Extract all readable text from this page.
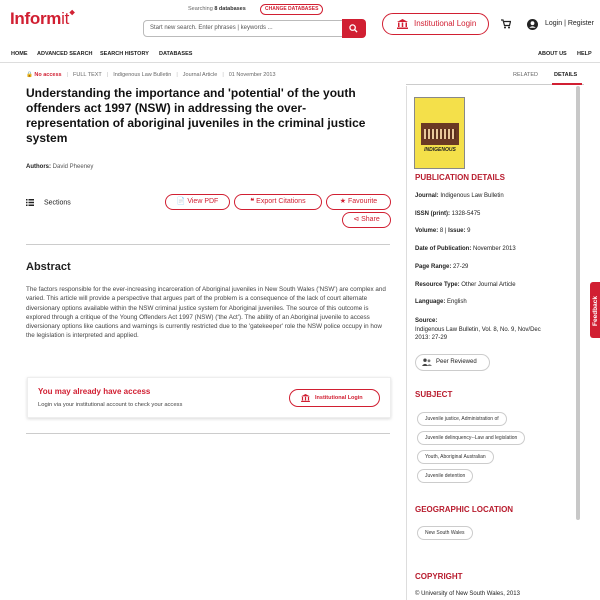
Informit❖
Searching 8 databases	CHANGE DATABASES
Start new search. Enter phrases | keywords ...	Institutional Login	Login | Register
HOME ADVANCED SEARCH SEARCH HISTORY DATABASES	ABOUT US HELP
🔒 No access | FULL TEXT | Indigenous Law Bulletin | Journal Article | 01 November 2013
Understanding the importance and 'potential' of the youth offenders act 1997 (NSW) in addressing the over-representation of aboriginal juveniles in the criminal justice system
Authors: David Pheeney
Sections	📄 View PDF	❝ Export Citations	★ Favourite
⊲ Share
Abstract
The factors responsible for the ever-increasing incarceration of Aboriginal juveniles in New South Wales ('NSW') are complex and varied. This article will provide a perspective that argues part of the problem is a consequence of the lack of court alternate diversionary options available within the NSW criminal justice system for Aboriginal juveniles. The source of this outcome is explored through a critique of the Young Offenders Act 1997 (NSW) ('the Act'). The ability of an Aboriginal juvenile to access diversionary options like cautions and warnings is currently restricted due to the 'gatekeeper' role the NSW police occupy in how the legislation is interpreted and applied.
You may already have access
Login via your institutional account to check your access
Institutional Login
RELATED	DETAILS
INDIGENOUS
PUBLICATION DETAILS
Journal: Indigenous Law Bulletin
ISSN (print): 1328-5475
Volume: 8 | Issue: 9
Date of Publication: November 2013
Page Range: 27-29
Resource Type: Other Journal Article
Language: English
Source:
Indigenous Law Bulletin, Vol. 8, No. 9, Nov/Dec
2013: 27-29
Peer Reviewed
SUBJECT
Juvenile justice, Administration of
Juvenile delinquency--Law and legislation
Youth, Aboriginal Australian
Juvenile detention
GEOGRAPHIC LOCATION
New South Wales
COPYRIGHT
© University of New South Wales, 2013
Feedback
